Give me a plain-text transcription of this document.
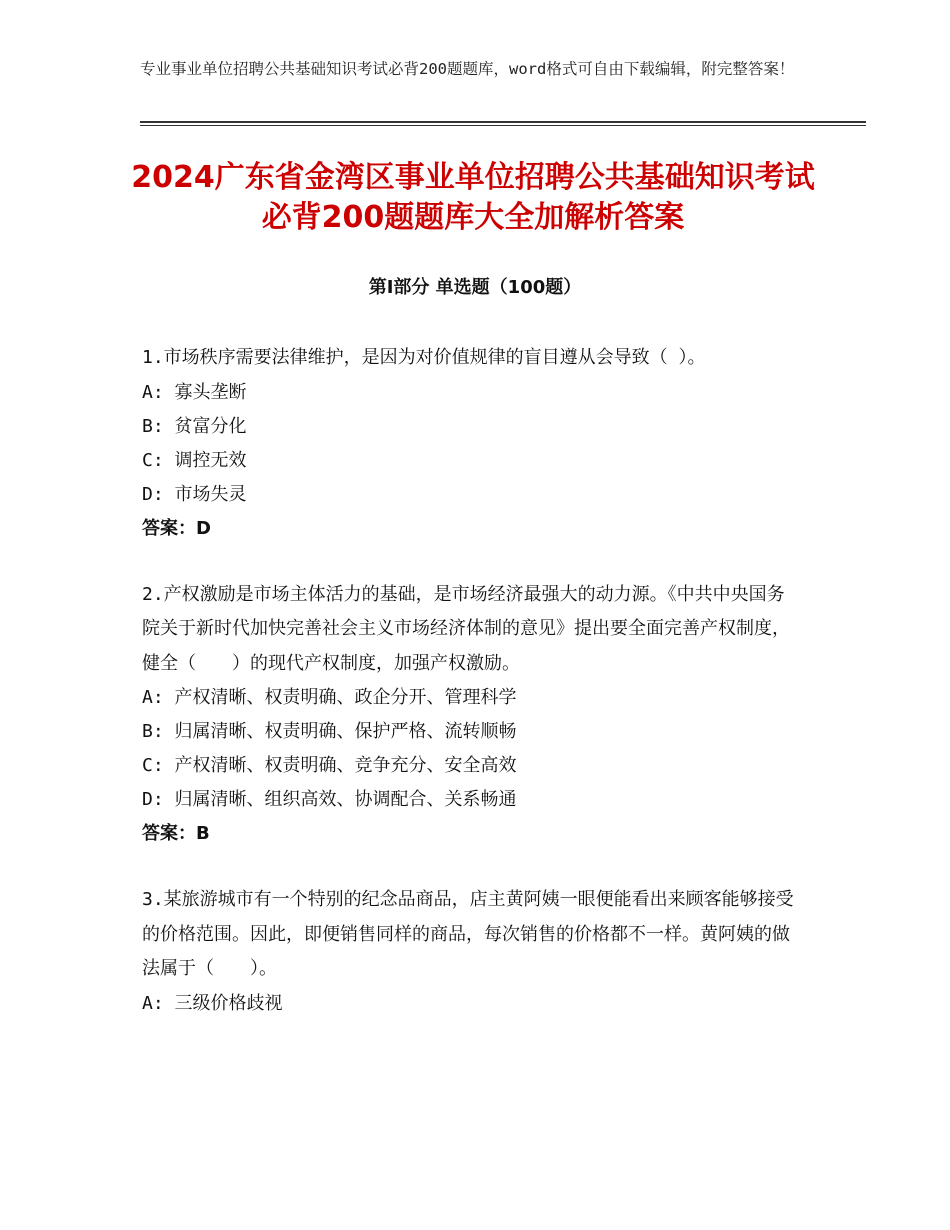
专业事业单位招聘公共基础知识考试必背200题题库，word格式可自由下载编辑，附完整答案！
2024广东省金湾区事业单位招聘公共基础知识考试必背200题题库大全加解析答案
第Ⅰ部分 单选题（100题）

1.市场秩序需要法律维护，是因为对价值规律的盲目遵从会导致（ ）。

A: 寡头垄断

B: 贫富分化

C: 调控无效

D: 市场失灵

答案：D

2.产权激励是市场主体活力的基础，是市场经济最强大的动力源。《中共中央国务院关于新时代加快完善社会主义市场经济体制的意见》提出要全面完善产权制度，健全（　　）的现代产权制度，加强产权激励。

A: 产权清晰、权责明确、政企分开、管理科学

B: 归属清晰、权责明确、保护严格、流转顺畅

C: 产权清晰、权责明确、竞争充分、安全高效

D: 归属清晰、组织高效、协调配合、关系畅通

答案：B

3.某旅游城市有一个特别的纪念品商品，店主黄阿姨一眼便能看出来顾客能够接受的价格范围。因此，即便销售同样的商品，每次销售的价格都不一样。黄阿姨的做法属于（　　）。

A: 三级价格歧视
